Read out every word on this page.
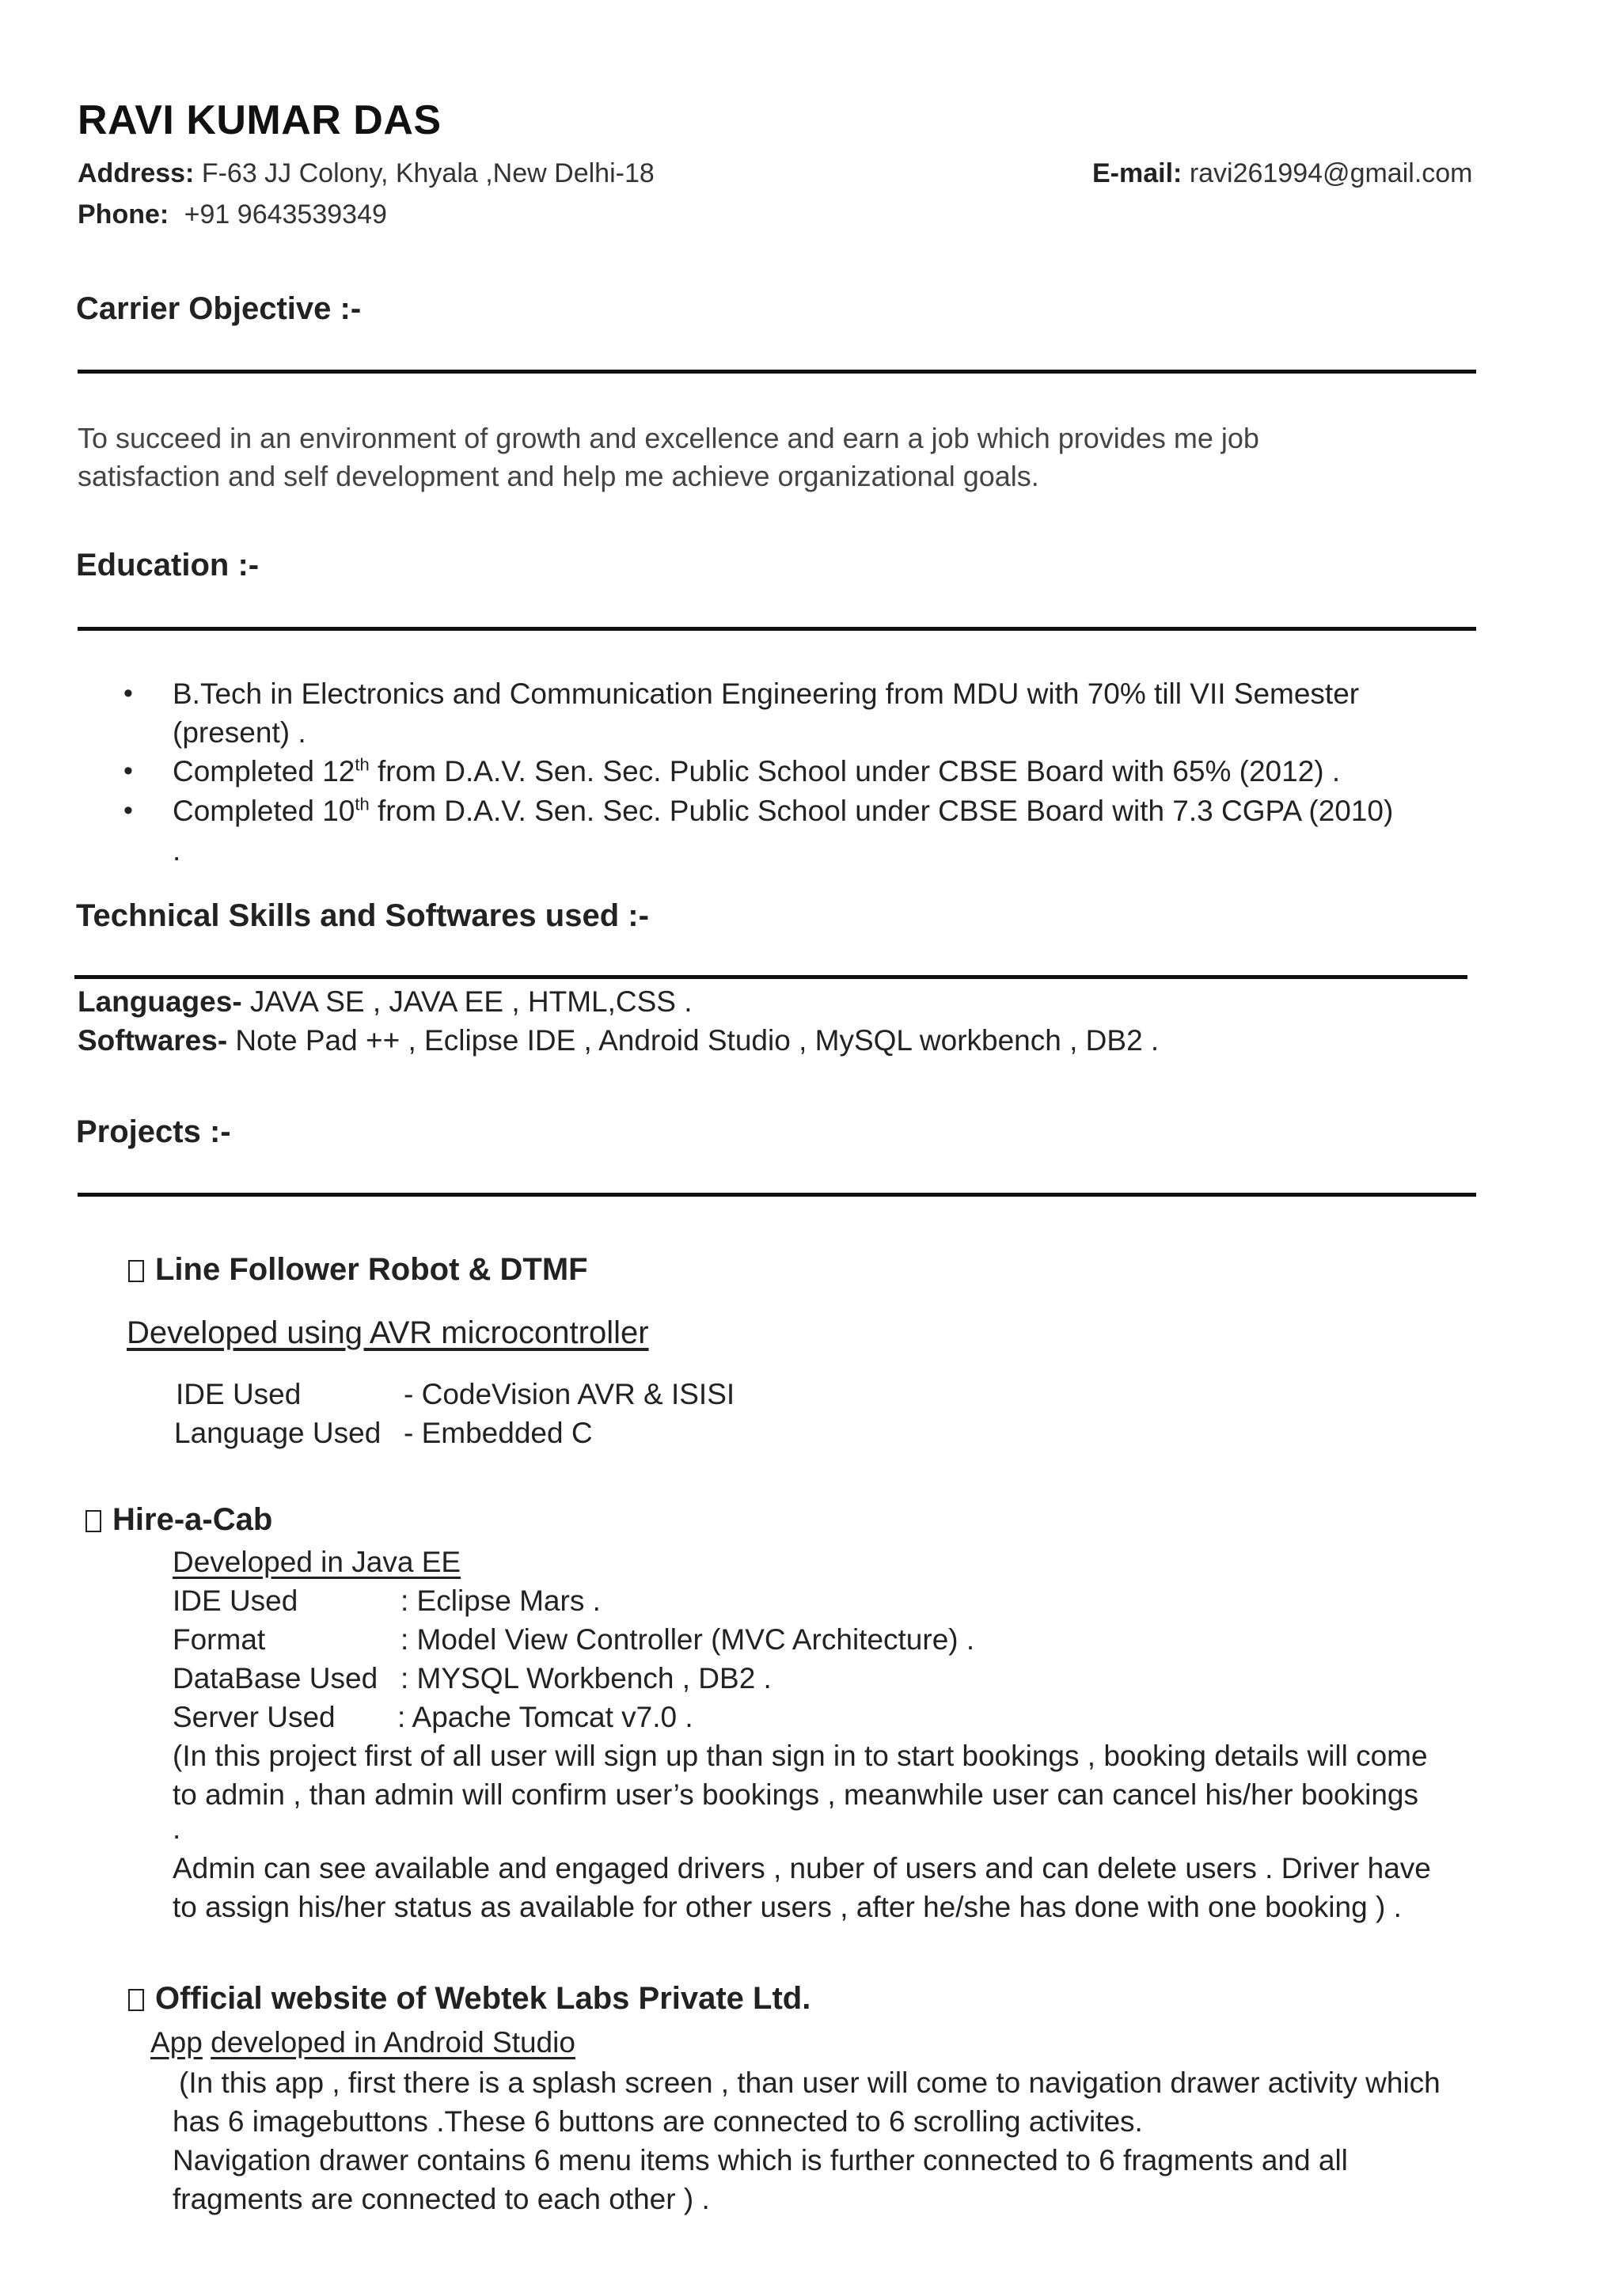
RAVI KUMAR DAS
Address: F-63 JJ Colony, Khyala ,New Delhi-18	E-mail: ravi261994@gmail.com
Phone: +91 9643539349
Carrier Objective :-
To succeed in an environment of growth and excellence and earn a job which provides me job
satisfaction and self development and help me achieve organizational goals.
Education :-
• B.Tech in Electronics and Communication Engineering from MDU with 70% till VII Semester
(present) .
• Completed 12th from D.A.V. Sen. Sec. Public School under CBSE Board with 65% (2012) .
• Completed 10th from D.A.V. Sen. Sec. Public School under CBSE Board with 7.3 CGPA (2010)
.
Technical Skills and Softwares used :-
Languages- JAVA SE , JAVA EE , HTML,CSS .
Softwares- Note Pad ++ , Eclipse IDE , Android Studio , MySQL workbench , DB2 .
Projects :-
Line Follower Robot & DTMF
Developed using AVR microcontroller
IDE Used	- CodeVision AVR & ISISI
Language Used - Embedded C
Hire-a-Cab
Developed in Java EE
IDE Used	: Eclipse Mars .
Format	: Model View Controller (MVC Architecture) .
DataBase Used : MYSQL Workbench , DB2 .
Server Used : Apache Tomcat v7.0 .
(In this project first of all user will sign up than sign in to start bookings , booking details will come
to admin , than admin will confirm user’s bookings , meanwhile user can cancel his/her bookings
.
Admin can see available and engaged drivers , nuber of users and can delete users . Driver have
to assign his/her status as available for other users , after he/she has done with one booking ) .
Official website of Webtek Labs Private Ltd.
App developed in Android Studio
(In this app , first there is a splash screen , than user will come to navigation drawer activity which
has 6 imagebuttons .These 6 buttons are connected to 6 scrolling activites.
Navigation drawer contains 6 menu items which is further connected to 6 fragments and all
fragments are connected to each other ) .
